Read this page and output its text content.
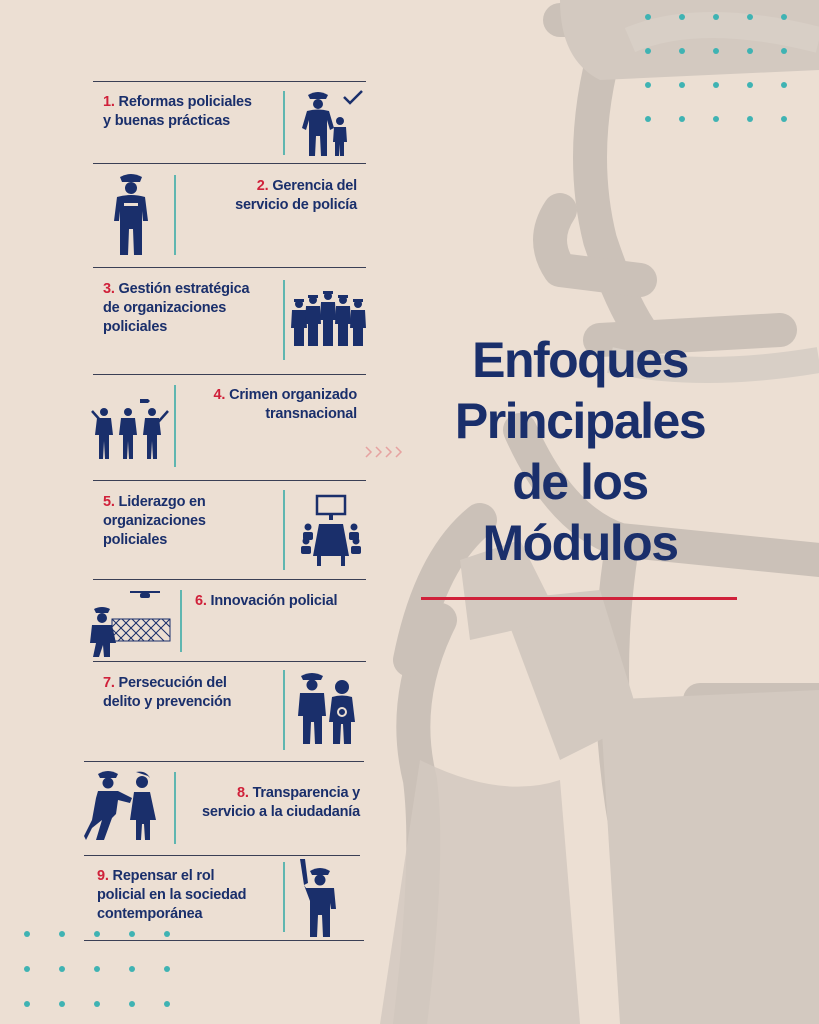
1. Reformas policiales
y buenas prácticas
2. Gerencia del
servicio de policía
3. Gestión estratégica
de organizaciones
policiales
4. Crimen organizado
transnacional
5. Liderazgo en
organizaciones
policiales
6. Innovación policial
7. Persecución del
delito y prevención
8. Transparencia y
servicio a la ciudadanía
9. Repensar el rol
policial en la sociedad
contemporánea
Enfoques
Principales
de los
Módulos
